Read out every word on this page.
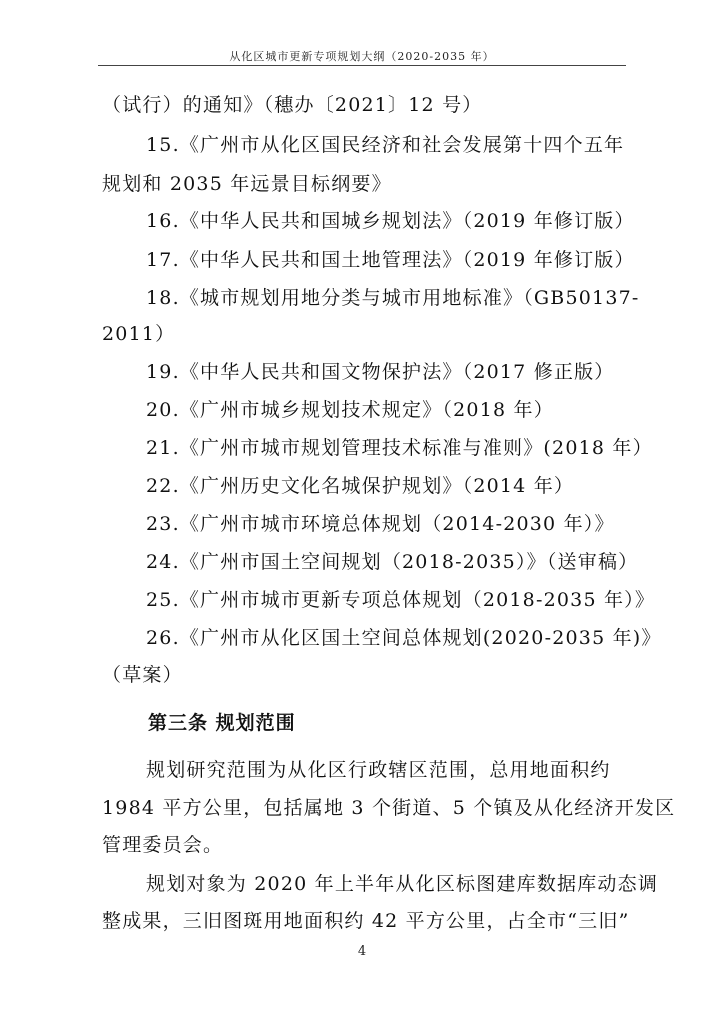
从化区城市更新专项规划大纲（2020-2035 年）
（试行）的通知》（穗办〔2021〕12 号）
15.《广州市从化区国民经济和社会发展第十四个五年
规划和 2035 年远景目标纲要》
16.《中华人民共和国城乡规划法》（2019 年修订版）
17.《中华人民共和国土地管理法》（2019 年修订版）
18.《城市规划用地分类与城市用地标准》（GB50137-
2011）
19.《中华人民共和国文物保护法》（2017 修正版）
20.《广州市城乡规划技术规定》（2018 年）
21.《广州市城市规划管理技术标准与准则》(2018 年）
22.《广州历史文化名城保护规划》（2014 年）
23.《广州市城市环境总体规划（2014-2030 年）》
24.《广州市国土空间规划（2018-2035）》（送审稿）
25.《广州市城市更新专项总体规划（2018-2035 年）》
26.《广州市从化区国土空间总体规划(2020-2035 年)》
（草案）
第三条 规划范围
规划研究范围为从化区行政辖区范围，总用地面积约
1984 平方公里，包括属地 3 个街道、5 个镇及从化经济开发区
管理委员会。
规划对象为 2020 年上半年从化区标图建库数据库动态调
整成果，三旧图斑用地面积约 42 平方公里，占全市“三旧”
4
